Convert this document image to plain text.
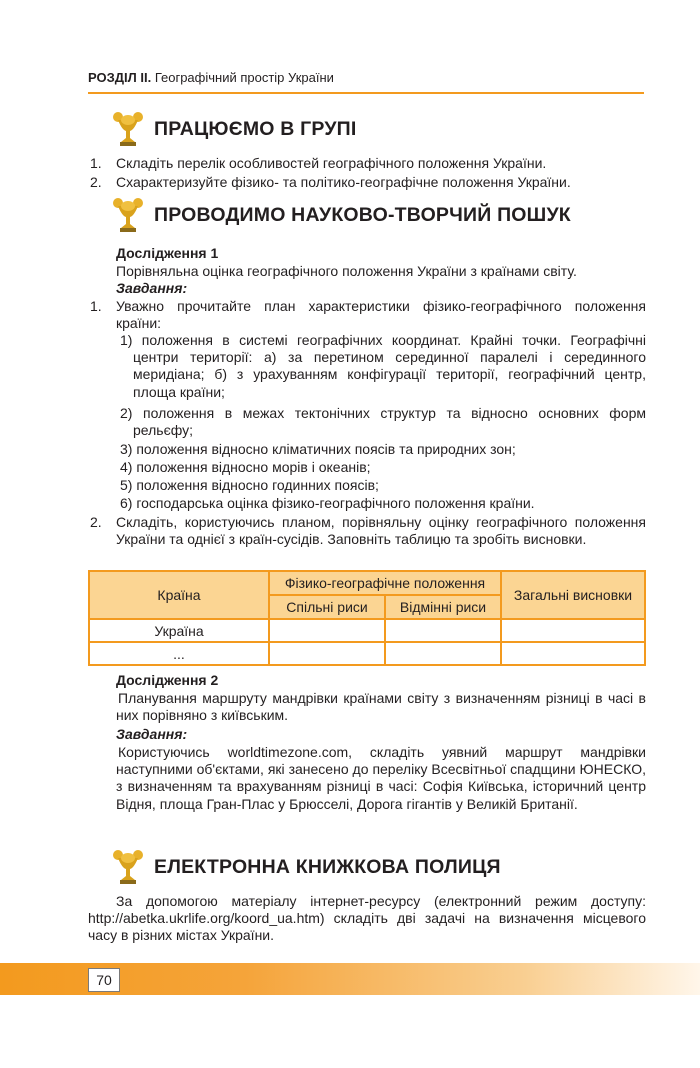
РОЗДІЛ ІІ. Географічний простір України
ПРАЦЮЄМО В ГРУПІ
1. Складіть перелік особливостей географічного положення України.
2. Схарактеризуйте фізико- та політико-географічне положення України.
ПРОВОДИМО НАУКОВО-ТВОРЧИЙ ПОШУК
Дослідження 1
Порівняльна оцінка географічного положення України з країнами світу.
Завдання:
1. Уважно прочитайте план характеристики фізико-географічного положення країни:
1) положення в системі географічних координат. Крайні точки. Географічні центри території: а) за перетином серединної паралелі і серединного меридіана; б) з урахуванням конфігурації території, географічний центр, площа країни;
2) положення в межах тектонічних структур та відносно основних форм рельєфу;
3) положення відносно кліматичних поясів та природних зон;
4) положення відносно морів і океанів;
5) положення відносно годинних поясів;
6) господарська оцінка фізико-географічного положення країни.
2. Складіть, користуючись планом, порівняльну оцінку географічного положення України та однієї з країн-сусідів. Заповніть таблицю та зробіть висновки.
Країна	Фізико-географічне положення		Загальні висновки
	Спільні риси	Відмінні риси	
Україна			
...			
Дослідження 2
Планування маршруту мандрівки країнами світу з визначенням різниці в часі в них порівняно з київським.
Завдання:
Користуючись worldtimezone.com, складіть уявний маршрут мандрівки наступними об'єктами, які занесено до переліку Всесвітньої спадщини ЮНЕСКО, з визначенням та врахуванням різниці в часі: Софія Київська, історичний центр Відня, площа Гран-Плас у Брюсселі, Дорога гігантів у Великій Британії.
ЕЛЕКТРОННА КНИЖКОВА ПОЛИЦЯ
За допомогою матеріалу інтернет-ресурсу (електронний режим доступу: http://abetka.ukrlife.org/koord_ua.htm) складіть дві задачі на визначення місцевого часу в різних містах України.
70
